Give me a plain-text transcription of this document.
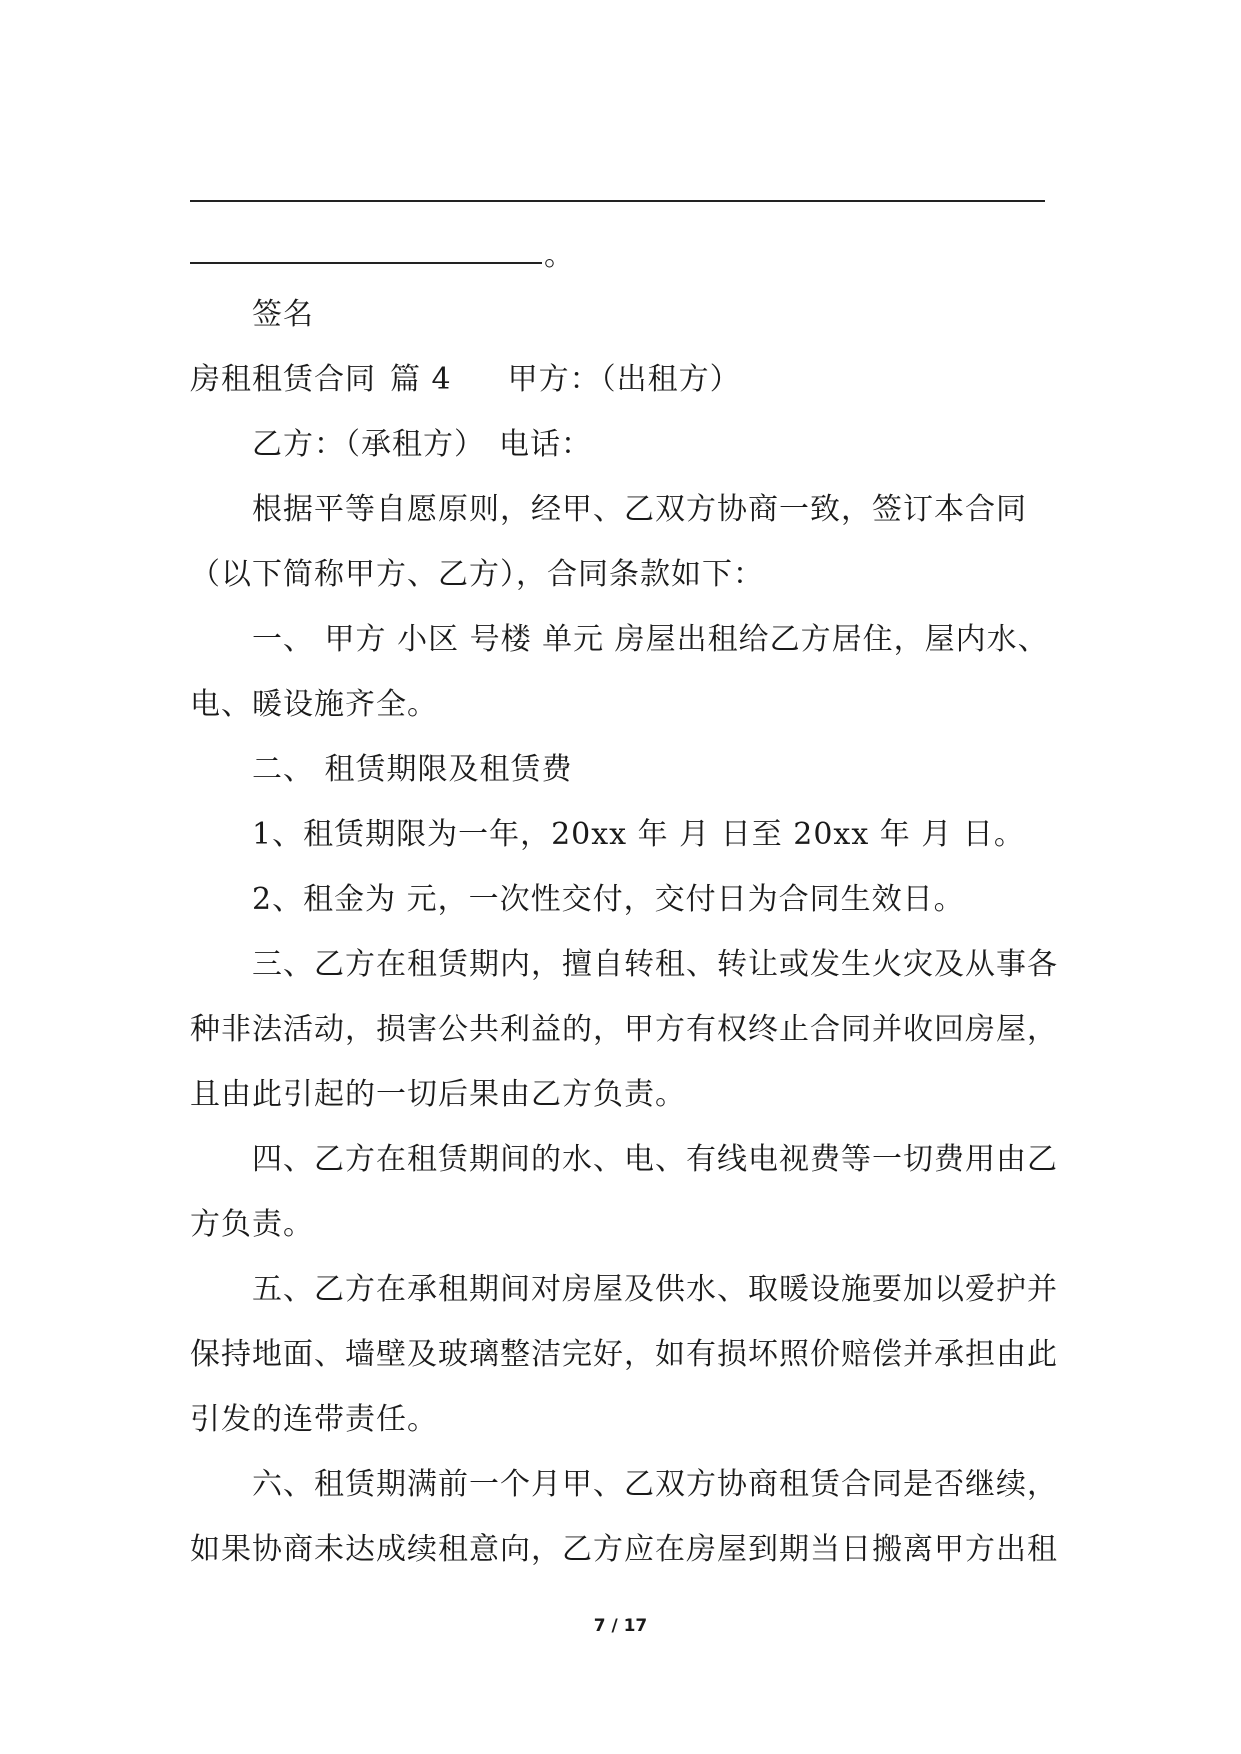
。
签名
房租租赁合同 篇 4 甲方：（出租方）
乙方：（承租方） 电话：
根据平等自愿原则，经甲、乙双方协商一致，签订本合同
（以下简称甲方、乙方），合同条款如下：
一、 甲方 小区 号楼 单元 房屋出租给乙方居住，屋内水、
电、暖设施齐全。
二、 租赁期限及租赁费
1、租赁期限为一年，20xx 年 月 日至 20xx 年 月 日。
2、租金为 元，一次性交付，交付日为合同生效日。
三、乙方在租赁期内，擅自转租、转让或发生火灾及从事各
种非法活动，损害公共利益的，甲方有权终止合同并收回房屋，
且由此引起的一切后果由乙方负责。
四、乙方在租赁期间的水、电、有线电视费等一切费用由乙
方负责。
五、乙方在承租期间对房屋及供水、取暖设施要加以爱护并
保持地面、墙壁及玻璃整洁完好，如有损坏照价赔偿并承担由此
引发的连带责任。
六、租赁期满前一个月甲、乙双方协商租赁合同是否继续，
如果协商未达成续租意向，乙方应在房屋到期当日搬离甲方出租
7 / 17
